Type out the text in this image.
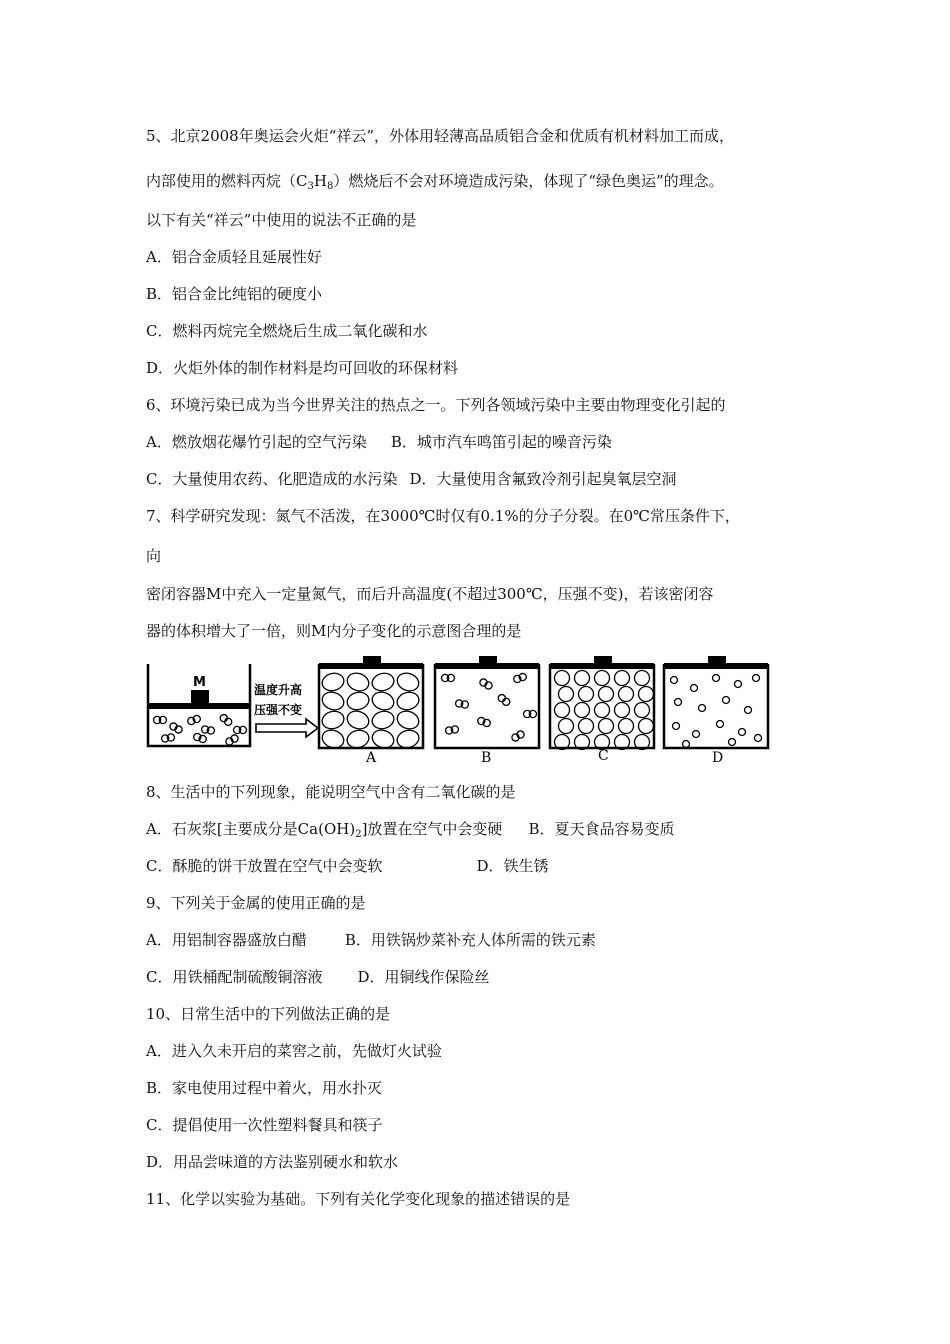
5、北京2008年奥运会火炬“祥云”，外体用轻薄高品质铝合金和优质有机材料加工而成，
内部使用的燃料丙烷$(C_3H_8)$燃烧后不会对环境造成污染，体现了“绿色奥运”的理念。
以下有关“祥云”中使用的说法不正确的是
A．铝合金质轻且延展性好
B．铝合金比纯铝的硬度小
C．燃料丙烷完全燃烧后生成二氧化碳和水
D．火炬外体的制作材料是均可回收的环保材料
6、环境污染已成为当今世界关注的热点之一。下列各领域污染中主要由物理变化引起的
A．燃放烟花爆竹引起的空气污染 B．城市汽车鸣笛引起的噪音污染
C．大量使用农药、化肥造成的水污染 D．大量使用含氟致冷剂引起臭氧层空洞
7、科学研究发现：氮气不活泼，在3000℃时仅有0.1%的分子分裂。在0℃常压条件下，
向
密闭容器M中充入一定量氮气，而后升高温度(不超过300℃，压强不变)，若该密闭容
器的体积增大了一倍，则M内分子变化的示意图合理的是
M	温度升高
压强不变
A	B	C	D
8、生活中的下列现象，能说明空气中含有二氧化碳的是
A．石灰浆[主要成分是$Ca(OH)_2$]放置在空气中会变硬 B．夏天食品容易变质
C．酥脆的饼干放置在空气中会变软	D．铁生锈
9、下列关于金属的使用正确的是
A．用铝制容器盛放白醋	B．用铁锅炒菜补充人体所需的铁元素
C．用铁桶配制硫酸铜溶液 D．用铜线作保险丝
10、日常生活中的下列做法正确的是
A．进入久未开启的菜窖之前，先做灯火试验
B．家电使用过程中着火，用水扑灭
C．提倡使用一次性塑料餐具和筷子
D．用品尝味道的方法鉴别硬水和软水
11、化学以实验为基础。下列有关化学变化现象的描述错误的是
